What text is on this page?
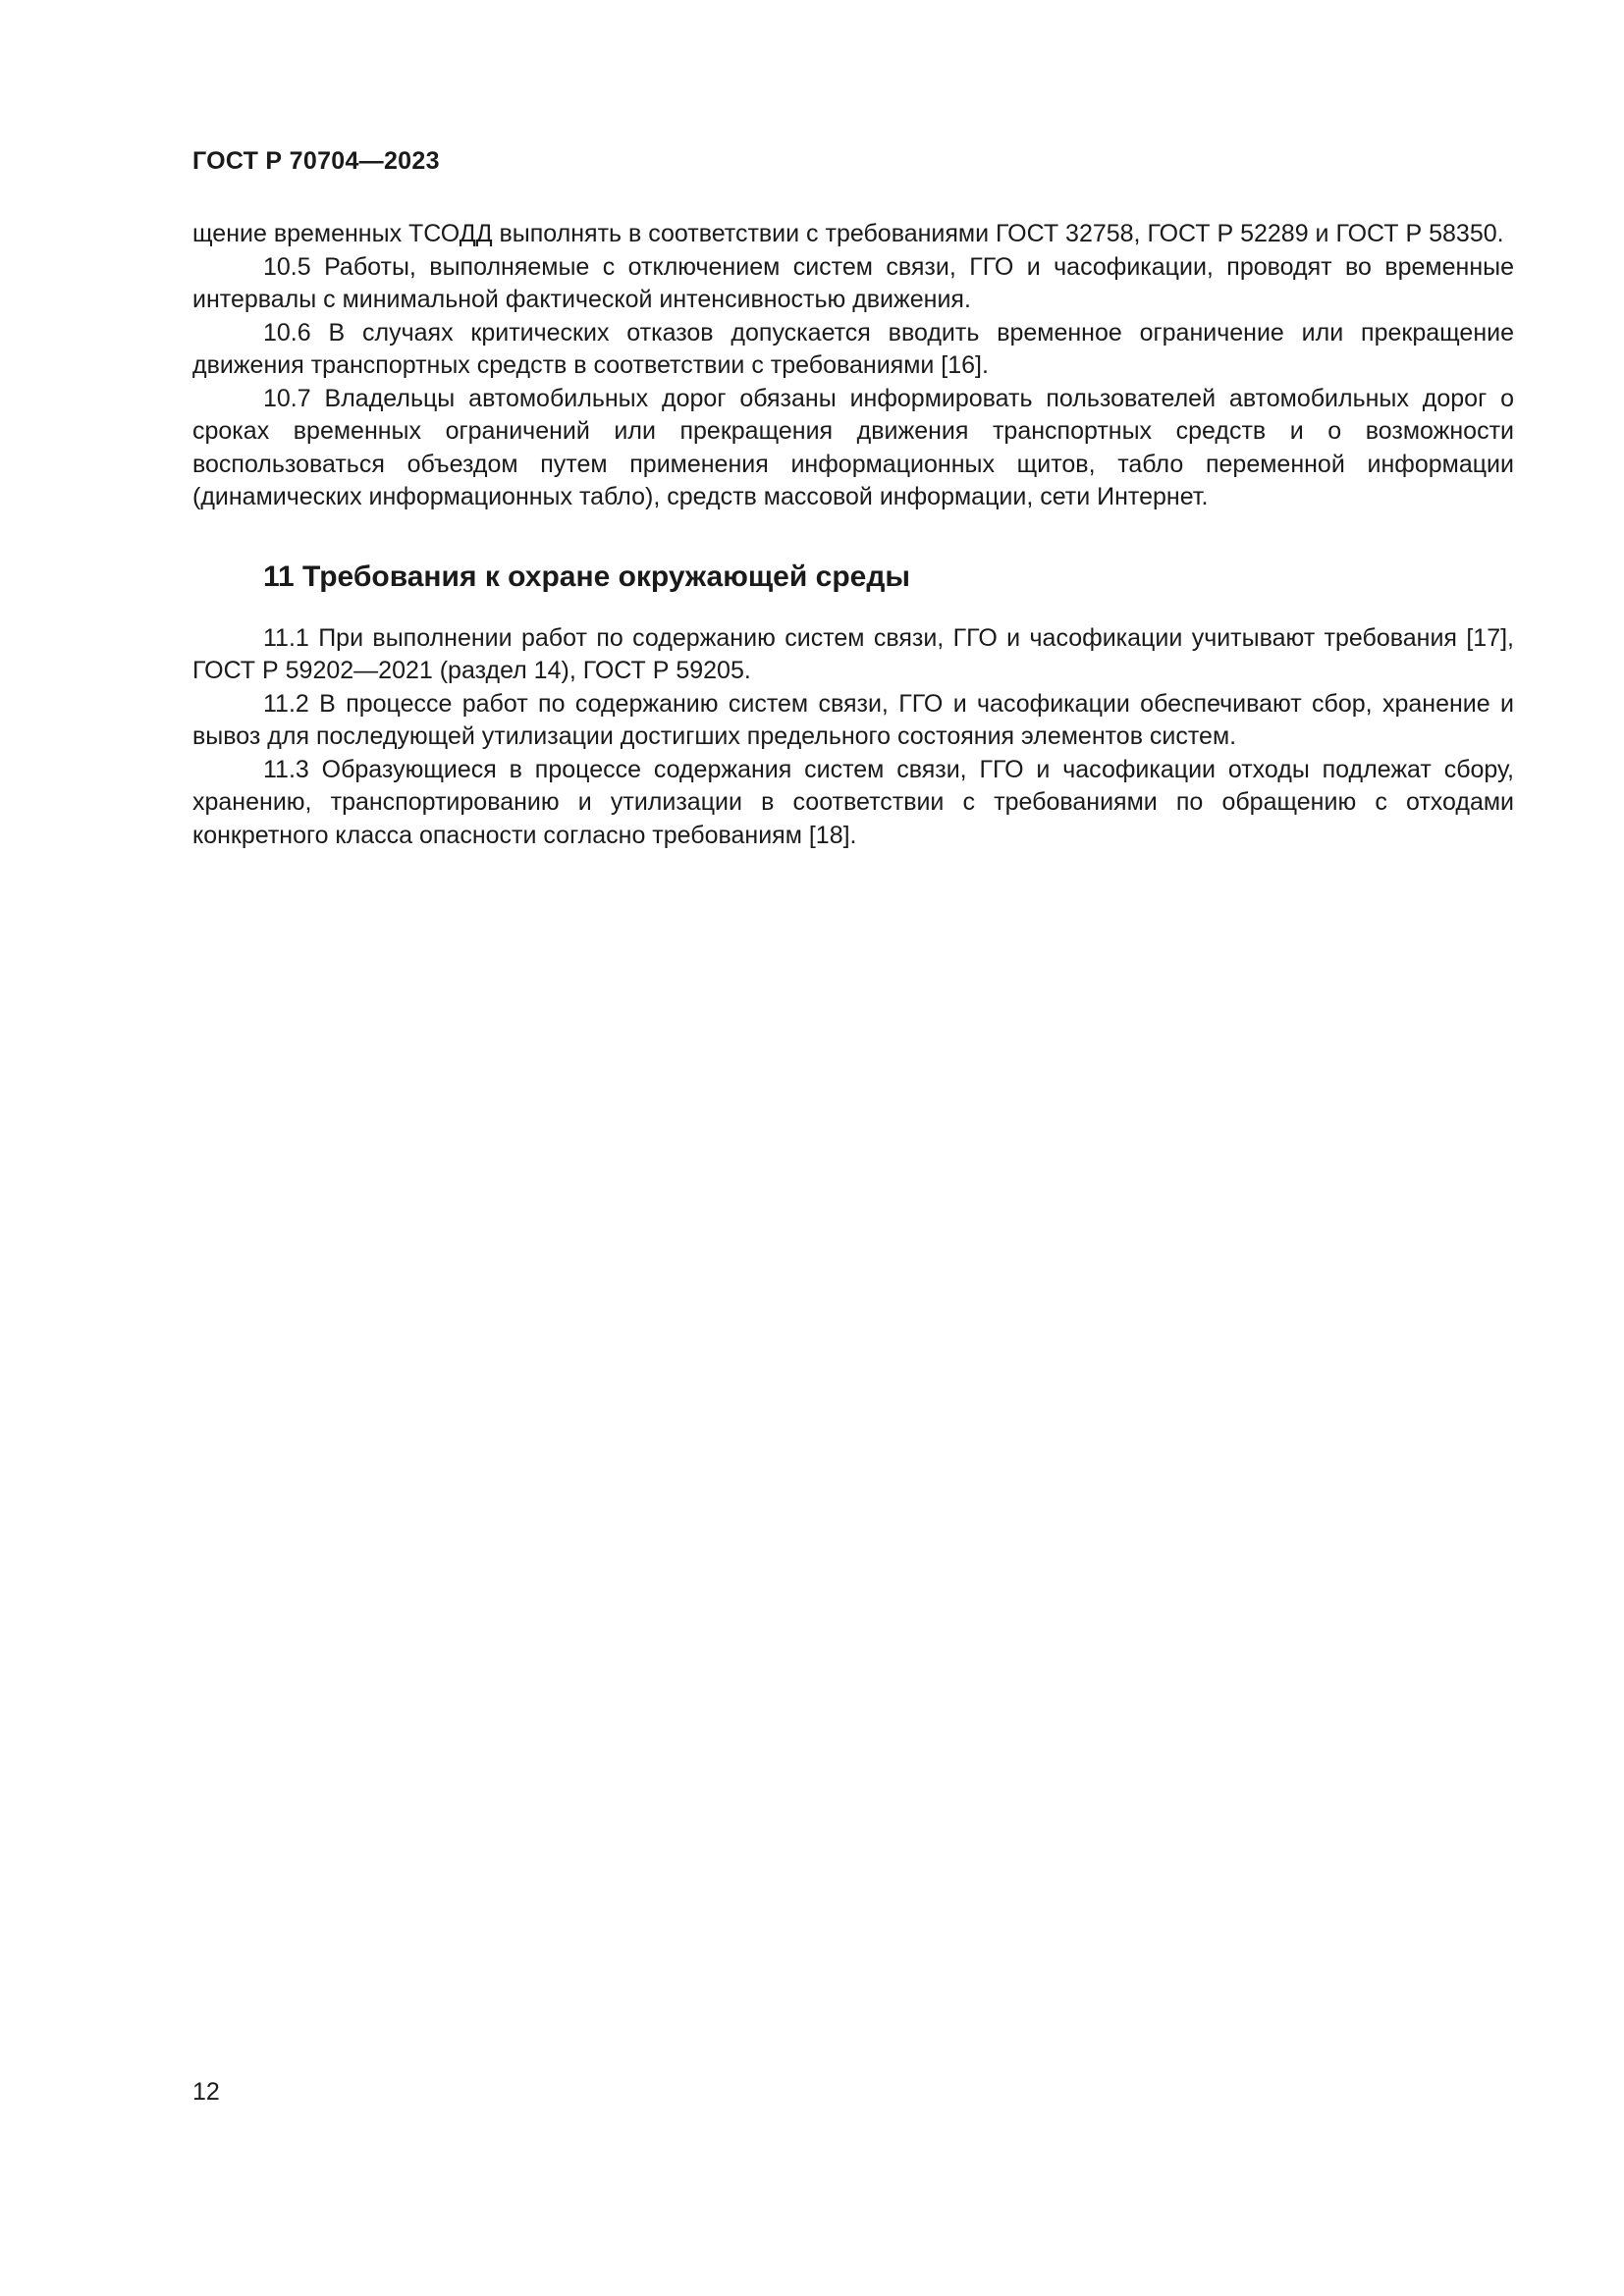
ГОСТ Р 70704—2023

щение временных ТСОДД выполнять в соответствии с требованиями ГОСТ 32758, ГОСТ Р 52289 и ГОСТ Р 58350.

10.5 Работы, выполняемые с отключением систем связи, ГГО и часофикации, проводят во временные интервалы с минимальной фактической интенсивностью движения.

10.6 В случаях критических отказов допускается вводить временное ограничение или прекращение движения транспортных средств в соответствии с требованиями [16].

10.7 Владельцы автомобильных дорог обязаны информировать пользователей автомобильных дорог о сроках временных ограничений или прекращения движения транспортных средств и о возможности воспользоваться объездом путем применения информационных щитов, табло переменной информации (динамических информационных табло), средств массовой информации, сети Интернет.

11 Требования к охране окружающей среды

11.1 При выполнении работ по содержанию систем связи, ГГО и часофикации учитывают требования [17], ГОСТ Р 59202—2021 (раздел 14), ГОСТ Р 59205.

11.2 В процессе работ по содержанию систем связи, ГГО и часофикации обеспечивают сбор, хранение и вывоз для последующей утилизации достигших предельного состояния элементов систем.

11.3 Образующиеся в процессе содержания систем связи, ГГО и часофикации отходы подлежат сбору, хранению, транспортированию и утилизации в соответствии с требованиями по обращению с отходами конкретного класса опасности согласно требованиям [18].

12
